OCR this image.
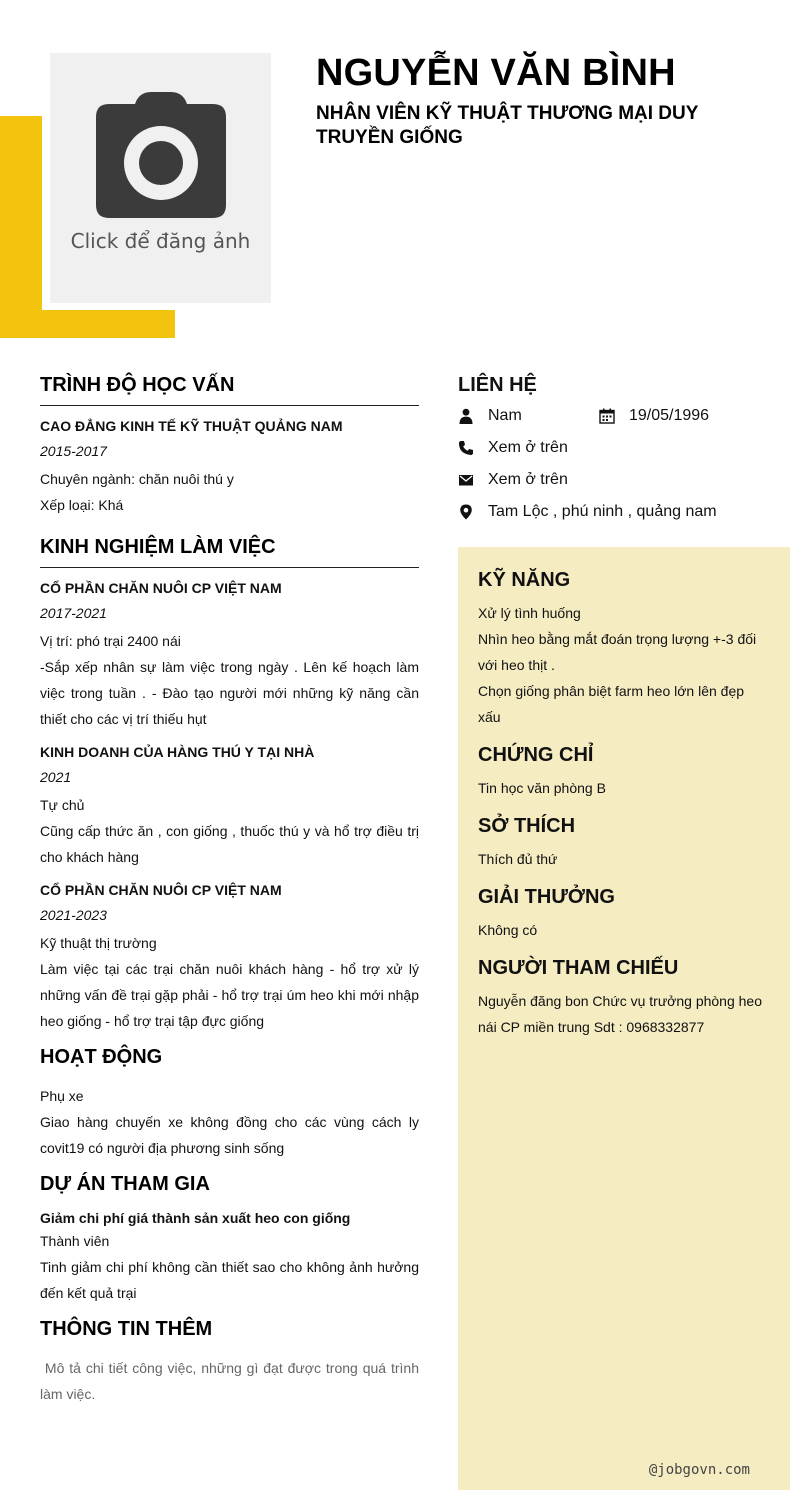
Click để đăng ảnh
NGUYỄN VĂN BÌNH
NHÂN VIÊN KỸ THUẬT THƯƠNG MẠI DUY TRUYỀN GIỐNG
TRÌNH ĐỘ HỌC VẤN
CAO ĐẲNG KINH TẾ KỸ THUẬT QUẢNG NAM
2015-2017
Chuyên ngành: chăn nuôi thú y
Xếp loại: Khá
KINH NGHIỆM LÀM VIỆC
CỔ PHẦN CHĂN NUÔI CP VIỆT NAM
2017-2021
Vị trí: phó trại 2400 nái
-Sắp xếp nhân sự làm việc trong ngày . Lên kế hoạch làm việc trong tuần . - Đào tạo người mới những kỹ năng cần thiết cho các vị trí thiếu hụt
KINH DOANH CỦA HÀNG THÚ Y TẠI NHÀ
2021
Tự chủ
Cũng cấp thức ăn , con giống , thuốc thú y và hổ trợ điều trị cho khách hàng
CỔ PHẦN CHĂN NUÔI CP VIỆT NAM
2021-2023
Kỹ thuật thị trường
Làm việc tại các trại chăn nuôi khách hàng - hổ trợ xử lý những vấn đề trại gặp phải - hổ trợ trại úm heo khi mới nhập heo giống - hổ trợ trại tập đực giống
HOẠT ĐỘNG
Phụ xe
Giao hàng chuyến xe không đồng cho các vùng cách ly covit19 có người địa phương sinh sống
DỰ ÁN THAM GIA
Giảm chi phí giá thành sản xuất heo con giống
Thành viên
Tinh giảm chi phí không cần thiết sao cho không ảnh hưởng đến kết quả trại
THÔNG TIN THÊM
Mô tả chi tiết công việc, những gì đạt được trong quá trình làm việc.
LIÊN HỆ
Nam	19/05/1996
Xem ở trên
Xem ở trên
Tam Lộc , phú ninh , quảng nam
KỸ NĂNG
Xử lý tình huống
Nhìn heo bằng mắt đoán trọng lượng +-3 đối với heo thịt .
Chọn giống phân biệt farm heo lớn lên đẹp xấu
CHỨNG CHỈ
Tin học văn phòng B
SỞ THÍCH
Thích đủ thứ
GIẢI THƯỞNG
Không có
NGƯỜI THAM CHIẾU
Nguyễn đăng bon Chức vụ trưởng phòng heo nái CP miền trung Sdt : 0968332877
@jobgovn.com
